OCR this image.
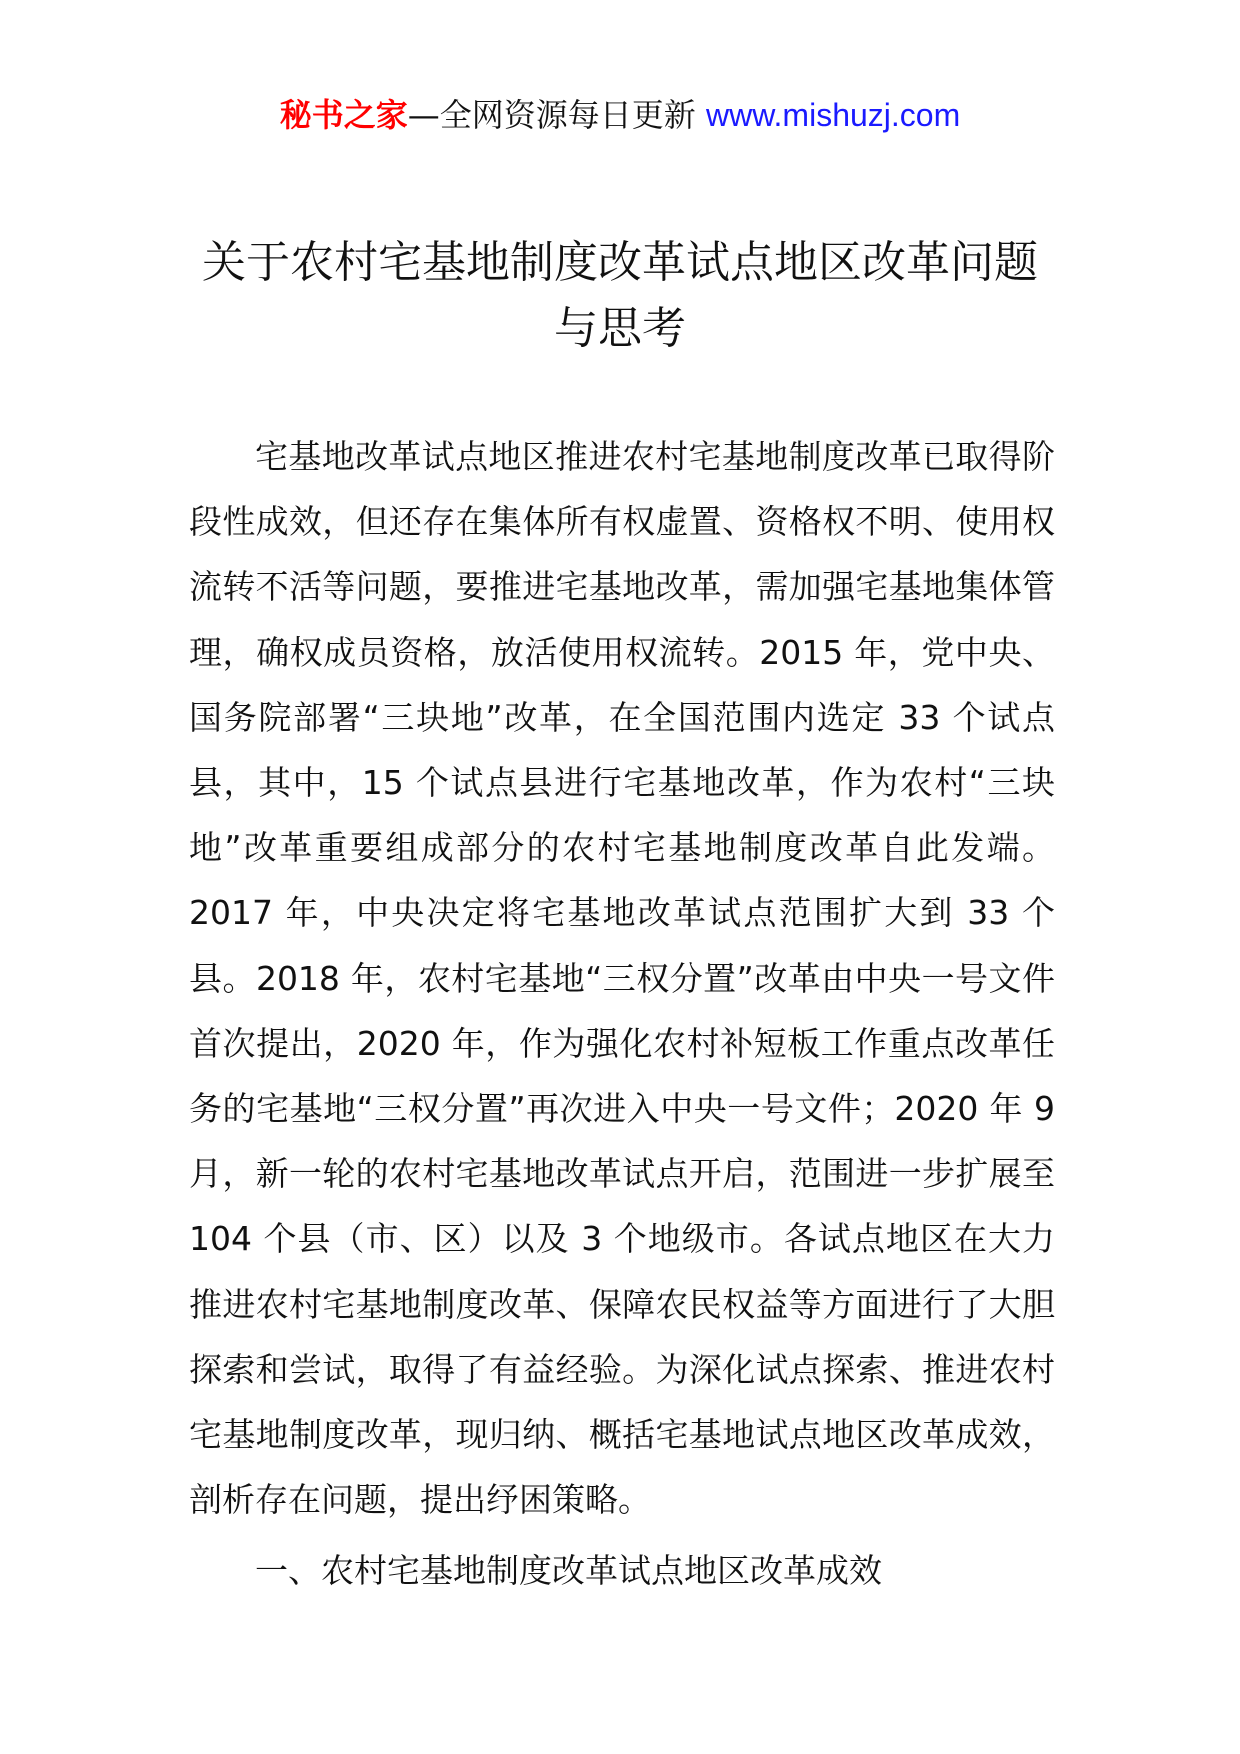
秘书之家—全网资源每日更新 www.mishuzj.com
关于农村宅基地制度改革试点地区改革问题与思考

宅基地改革试点地区推进农村宅基地制度改革已取得阶段性成效，但还存在集体所有权虚置、资格权不明、使用权流转不活等问题，要推进宅基地改革，需加强宅基地集体管理，确权成员资格，放活使用权流转。2015 年，党中央、国务院部署“三块地”改革，在全国范围内选定 33 个试点县，其中，15 个试点县进行宅基地改革，作为农村“三块地”改革重要组成部分的农村宅基地制度改革自此发端。2017 年，中央决定将宅基地改革试点范围扩大到 33 个县。2018 年，农村宅基地“三权分置”改革由中央一号文件首次提出，2020 年，作为强化农村补短板工作重点改革任务的宅基地“三权分置”再次进入中央一号文件；2020 年 9 月，新一轮的农村宅基地改革试点开启，范围进一步扩展至 104 个县（市、区）以及 3 个地级市。各试点地区在大力推进农村宅基地制度改革、保障农民权益等方面进行了大胆探索和尝试，取得了有益经验。为深化试点探索、推进农村宅基地制度改革，现归纳、概括宅基地试点地区改革成效，剖析存在问题，提出纾困策略。

一、农村宅基地制度改革试点地区改革成效
